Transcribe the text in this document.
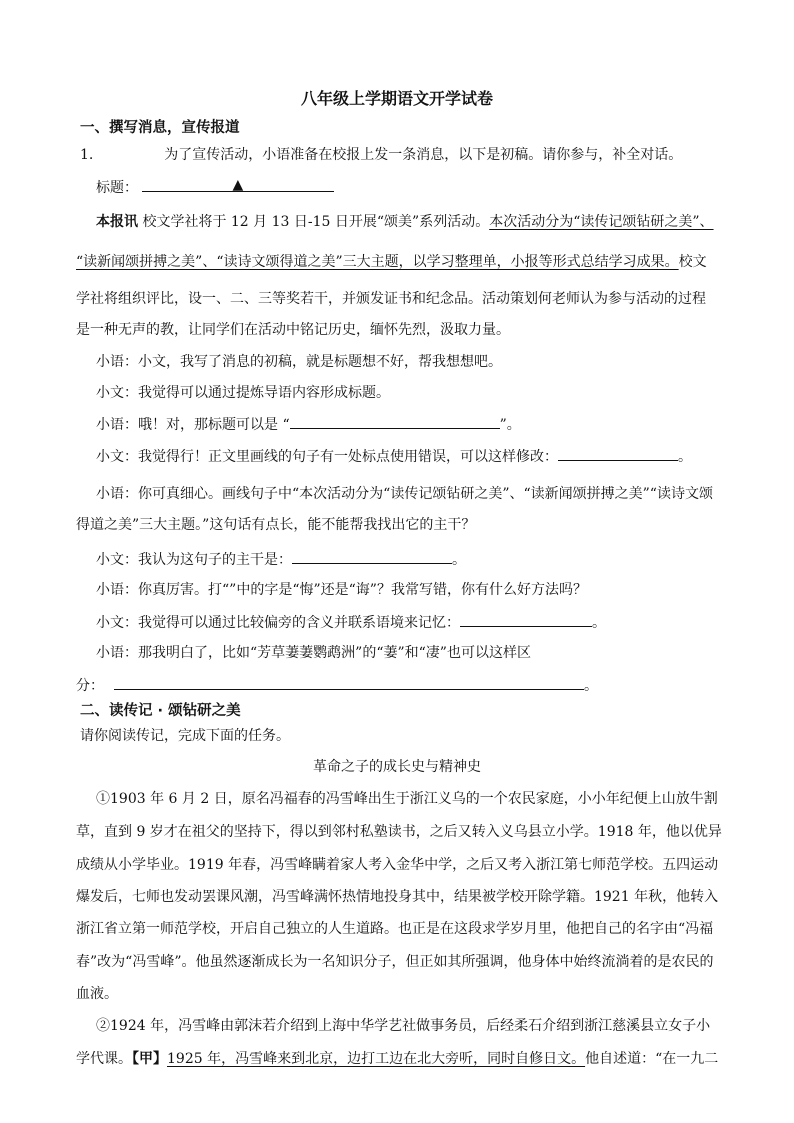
八年级上学期语文开学试卷
一、撰写消息，宣传报道
1.	为了宣传活动，小语准备在校报上发一条消息，以下是初稿。请你参与，补全对话。
标题：	▲
本报讯 校文学社将于 12 月 13 日-15 日开展“颂美”系列活动。本次活动分为“读传记颂钻研之美”、
“读新闻颂拼搏之美”、“读诗文颂得道之美”三大主题，以学习整理单，小报等形式总结学习成果。校文
学社将组织评比，设一、二、三等奖若干，并颁发证书和纪念品。活动策划何老师认为参与活动的过程
是一种无声的教，让同学们在活动中铭记历史，缅怀先烈，汲取力量。
小语：小文，我写了消息的初稿，就是标题想不好，帮我想想吧。
小文：我觉得可以通过提炼导语内容形成标题。
小语：哦！对，那标题可以是 “	”。
小文：我觉得行！正文里画线的句子有一处标点使用错误，可以这样修改：	。
小语：你可真细心。画线句子中“本次活动分为“读传记颂钻研之美”、“读新闻颂拼搏之美”“读诗文颂
得道之美”三大主题。”这句话有点长，能不能帮我找出它的主干？
小文：我认为这句子的主干是：	。
小语：你真厉害。打“”中的字是“悔”还是“诲”？我常写错，你有什么好方法吗？
小文：我觉得可以通过比较偏旁的含义并联系语境来记忆：	。
小语：那我明白了，比如“芳草萋萋鹦鹉洲”的“萋”和“凄”也可以这样区
分：	。
二、读传记 · 颂钻研之美
请你阅读传记，完成下面的任务。
革命之子的成长史与精神史
①1903 年 6 月 2 日，原名冯福春的冯雪峰出生于浙江义乌的一个农民家庭，小小年纪便上山放牛割
草，直到 9 岁才在祖父的坚持下，得以到邻村私塾读书，之后又转入义乌县立小学。1918 年，他以优异
成绩从小学毕业。1919 年春，冯雪峰瞒着家人考入金华中学，之后又考入浙江第七师范学校。五四运动
爆发后，七师也发动罢课风潮，冯雪峰满怀热情地投身其中，结果被学校开除学籍。1921 年秋，他转入
浙江省立第一师范学校，开启自己独立的人生道路。也正是在这段求学岁月里，他把自己的名字由“冯福
春”改为“冯雪峰”。他虽然逐渐成长为一名知识分子，但正如其所强调，他身体中始终流淌着的是农民的
血液。
②1924 年，冯雪峰由郭沫若介绍到上海中华学艺社做事务员，后经柔石介绍到浙江慈溪县立女子小
学代课。【甲】1925 年，冯雪峰来到北京，边打工边在北大旁听，同时自修日文。他自述道：“在一九二
